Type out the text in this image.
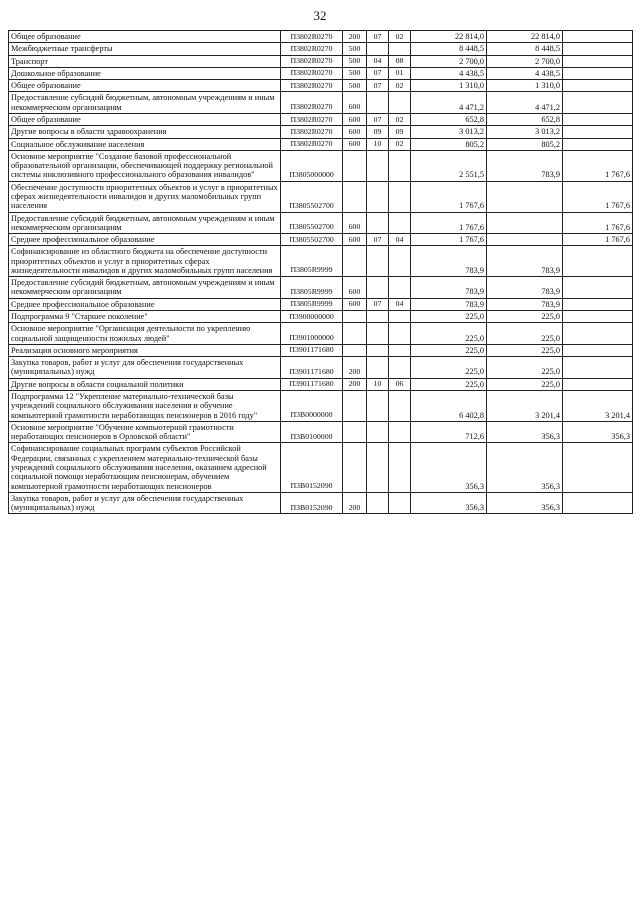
32
Общее образование	П3802R0270	200	07	02	22 814,0	22 814,0	
Межбюджетные трансферты	П3802R0270	500			8 448,5	8 448,5	
Транспорт	П3802R0270	500	04	08	2 700,0	2 700,0	
Дошкольное образование	П3802R0270	500	07	01	4 438,5	4 438,5	
Общее образование	П3802R0270	500	07	02	1 310,0	1 310,0	
Предоставление субсидий бюджетным, автономным учреждениям и иным некоммерческим организациям	П3802R0270	600			4 471,2	4 471,2	
Общее образование	П3802R0270	600	07	02	652,8	652,8	
Другие вопросы в области здравоохранения	П3802R0270	600	09	09	3 013,2	3 013,2	
Социальное обслуживание населения	П3802R0270	600	10	02	805,2	805,2	
Основное мероприятие "Создание базовой профессиональной образовательной организации, обеспечивающей поддержку региональной системы инклюзивного профессионального образования инвалидов"	П3805000000				2 551,5	783,9	1 767,6
Обеспечение доступности приоритетных объектов и услуг в приоритетных сферах жизнедеятельности инвалидов и других маломобильных групп населения	П3805502700				1 767,6		1 767,6
Предоставление субсидий бюджетным, автономным учреждениям и иным некоммерческим организациям	П3805502700	600			1 767,6		1 767,6
Среднее профессиональное образование	П3805502700	600	07	04	1 767,6		1 767,6
Софинансирование из областного бюджета на обеспечение доступности приоритетных объектов и услуг в приоритетных сферах жизнедеятельности инвалидов и других маломобильных групп населения	П3805R9999				783,9	783,9	
Предоставление субсидий бюджетным, автономным учреждениям и иным некоммерческим организациям	П3805R9999	600			783,9	783,9	
Среднее профессиональное образование	П3805R9999	600	07	04	783,9	783,9	
Подпрограмма 9 "Старшее поколение"	П3900000000				225,0	225,0	
Основное мероприятие "Организация деятельности по укреплению социальной защищенности пожилых людей"	П3901000000				225,0	225,0	
Реализация основного мероприятия	П3901171680				225,0	225,0	
Закупка товаров, работ и услуг для обеспечения государственных (муниципальных) нужд	П3901171680	200			225,0	225,0	
Другие вопросы в области социальной политики	П3901171680	200	10	06	225,0	225,0	
Подпрограмма 12 "Укрепление материально-технической базы учреждений социального обслуживания населения и обучение компьютерной грамотности неработающих пенсионеров в 2016 году"	П3В0000000				6 402,8	3 201,4	3 201,4
Основное мероприятие "Обучение компьютерной грамотности неработающих пенсионеров в Орловской области"	П3В0100000				712,6	356,3	356,3
Софинансирование социальных программ субъектов Российской Федерации, связанных с укреплением материально-технической базы учреждений социального обслуживания населения, оказанием адресной социальной помощи неработающим пенсионерам, обучением компьютерной грамотности неработающих пенсионеров	П3В0152090				356,3	356,3	
Закупка товаров, работ и услуг для обеспечения государственных (муниципальных) нужд	П3В0152090	200			356,3	356,3	
